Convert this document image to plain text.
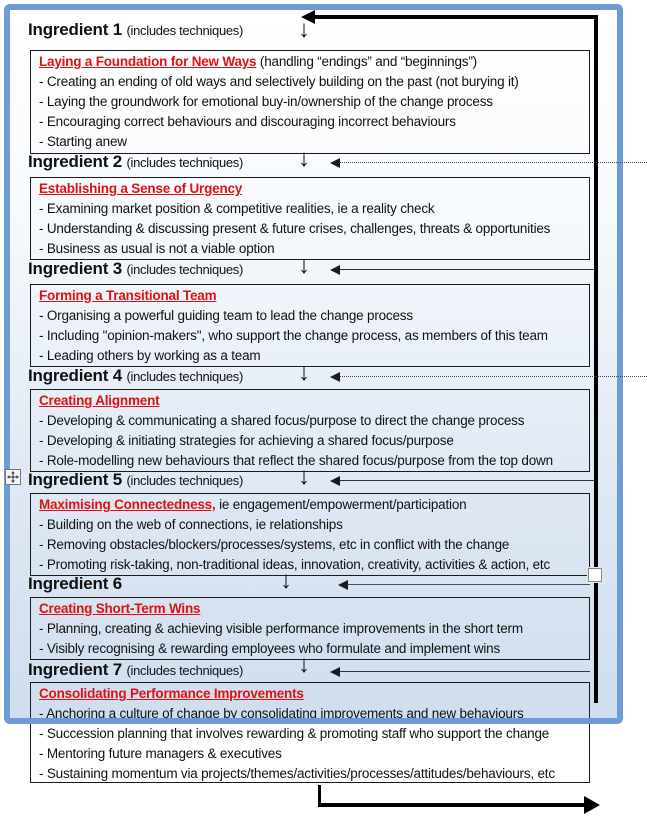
Ingredient 1 (includes techniques)
Ingredient 2 (includes techniques)
Ingredient 3 (includes techniques)
Ingredient 4 (includes techniques)
Ingredient 5 (includes techniques)
Ingredient 6
Ingredient 7 (includes techniques)
Laying a Foundation for New Ways (handling “endings” and “beginnings”)
- Creating an ending of old ways and selectively building on the past (not burying it)
- Laying the groundwork for emotional buy-in/ownership of the change process
- Encouraging correct behaviours and discouraging incorrect behaviours
- Starting anew
Establishing a Sense of Urgency
- Examining market position & competitive realities, ie a reality check
- Understanding & discussing present & future crises, challenges, threats & opportunities
- Business as usual is not a viable option
Forming a Transitional Team
- Organising a powerful guiding team to lead the change process
- Including "opinion-makers", who support the change process, as members of this team
- Leading others by working as a team
Creating Alignment
- Developing & communicating a shared focus/purpose to direct the change process
- Developing & initiating strategies for achieving a shared focus/purpose
- Role-modelling new behaviours that reflect the shared focus/purpose from the top down
Maximising Connectedness, ie engagement/empowerment/participation
- Building on the web of connections, ie relationships
- Removing obstacles/blockers/processes/systems, etc in conflict with the change
- Promoting risk-taking, non-traditional ideas, innovation, creativity, activities & action, etc
Creating Short-Term Wins
- Planning, creating & achieving visible performance improvements in the short term
- Visibly recognising & rewarding employees who formulate and implement wins
Consolidating Performance Improvements
- Anchoring a culture of change by consolidating improvements and new behaviours
- Succession planning that involves rewarding & promoting staff who support the change
- Mentoring future managers & executives
- Sustaining momentum via projects/themes/activities/processes/attitudes/behaviours, etc
↓
↓
↓
↓
↓
↓
↓
